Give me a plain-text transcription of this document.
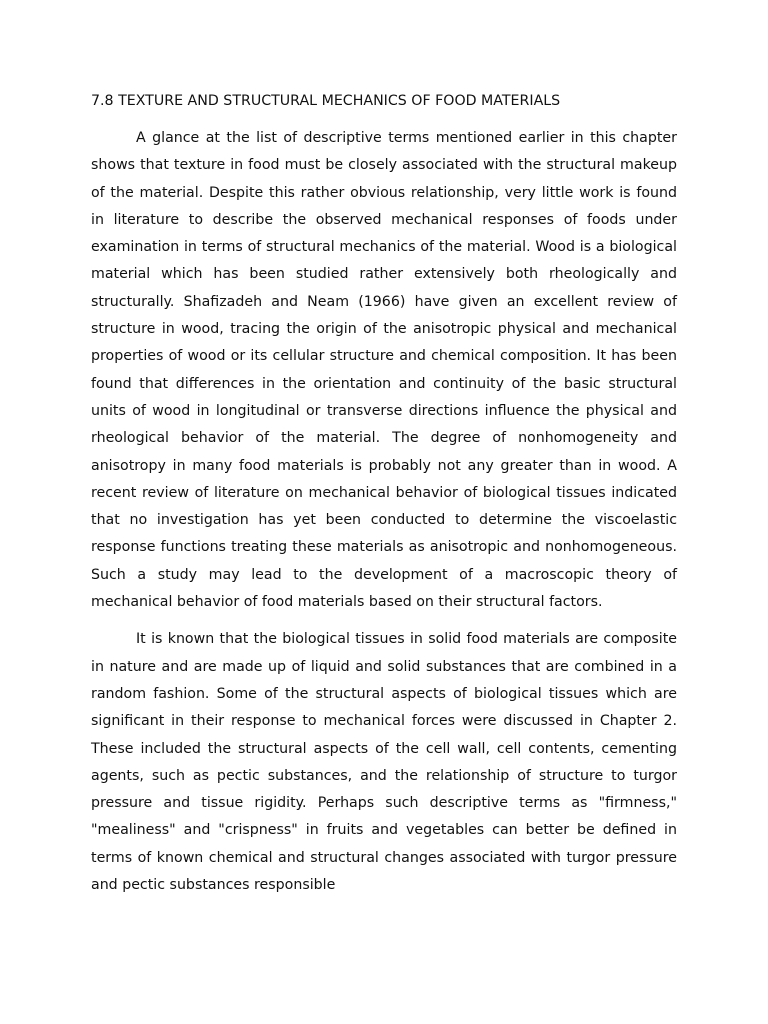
7.8 TEXTURE AND STRUCTURAL MECHANICS OF FOOD MATERIALS

A glance at the list of descriptive terms mentioned earlier in this chapter shows that texture in food must be closely associated with the structural makeup of the material. Despite this rather obvious relationship, very little work is found in literature to describe the observed mechanical responses of foods under examination in terms of structural mechanics of the material. Wood is a biological material which has been studied rather extensively both rheologically and structurally. Shafizadeh and Neam (1966) have given an excellent review of structure in wood, tracing the origin of the anisotropic physical and mechanical properties of wood or its cellular structure and chemical composition. It has been found that differences in the orientation and continuity of the basic structural units of wood in longitudinal or transverse directions influence the physical and rheological behavior of the material. The degree of nonhomogeneity and anisotropy in many food materials is probably not any greater than in wood. A recent review of literature on mechanical behavior of biological tissues indicated that no investigation has yet been conducted to determine the viscoelastic response functions treating these materials as anisotropic and nonhomogeneous. Such a study may lead to the development of a macroscopic theory of mechanical behavior of food materials based on their structural factors.

It is known that the biological tissues in solid food materials are composite in nature and are made up of liquid and solid substances that are combined in a random fashion. Some of the structural aspects of biological tissues which are significant in their response to mechanical forces were discussed in Chapter 2. These included the structural aspects of the cell wall, cell contents, cementing agents, such as pectic substances, and the relationship of structure to turgor pressure and tissue rigidity. Perhaps such descriptive terms as "firmness," "mealiness" and "crispness" in fruits and vegetables can better be defined in terms of known chemical and structural changes associated with turgor pressure and pectic substances responsible
